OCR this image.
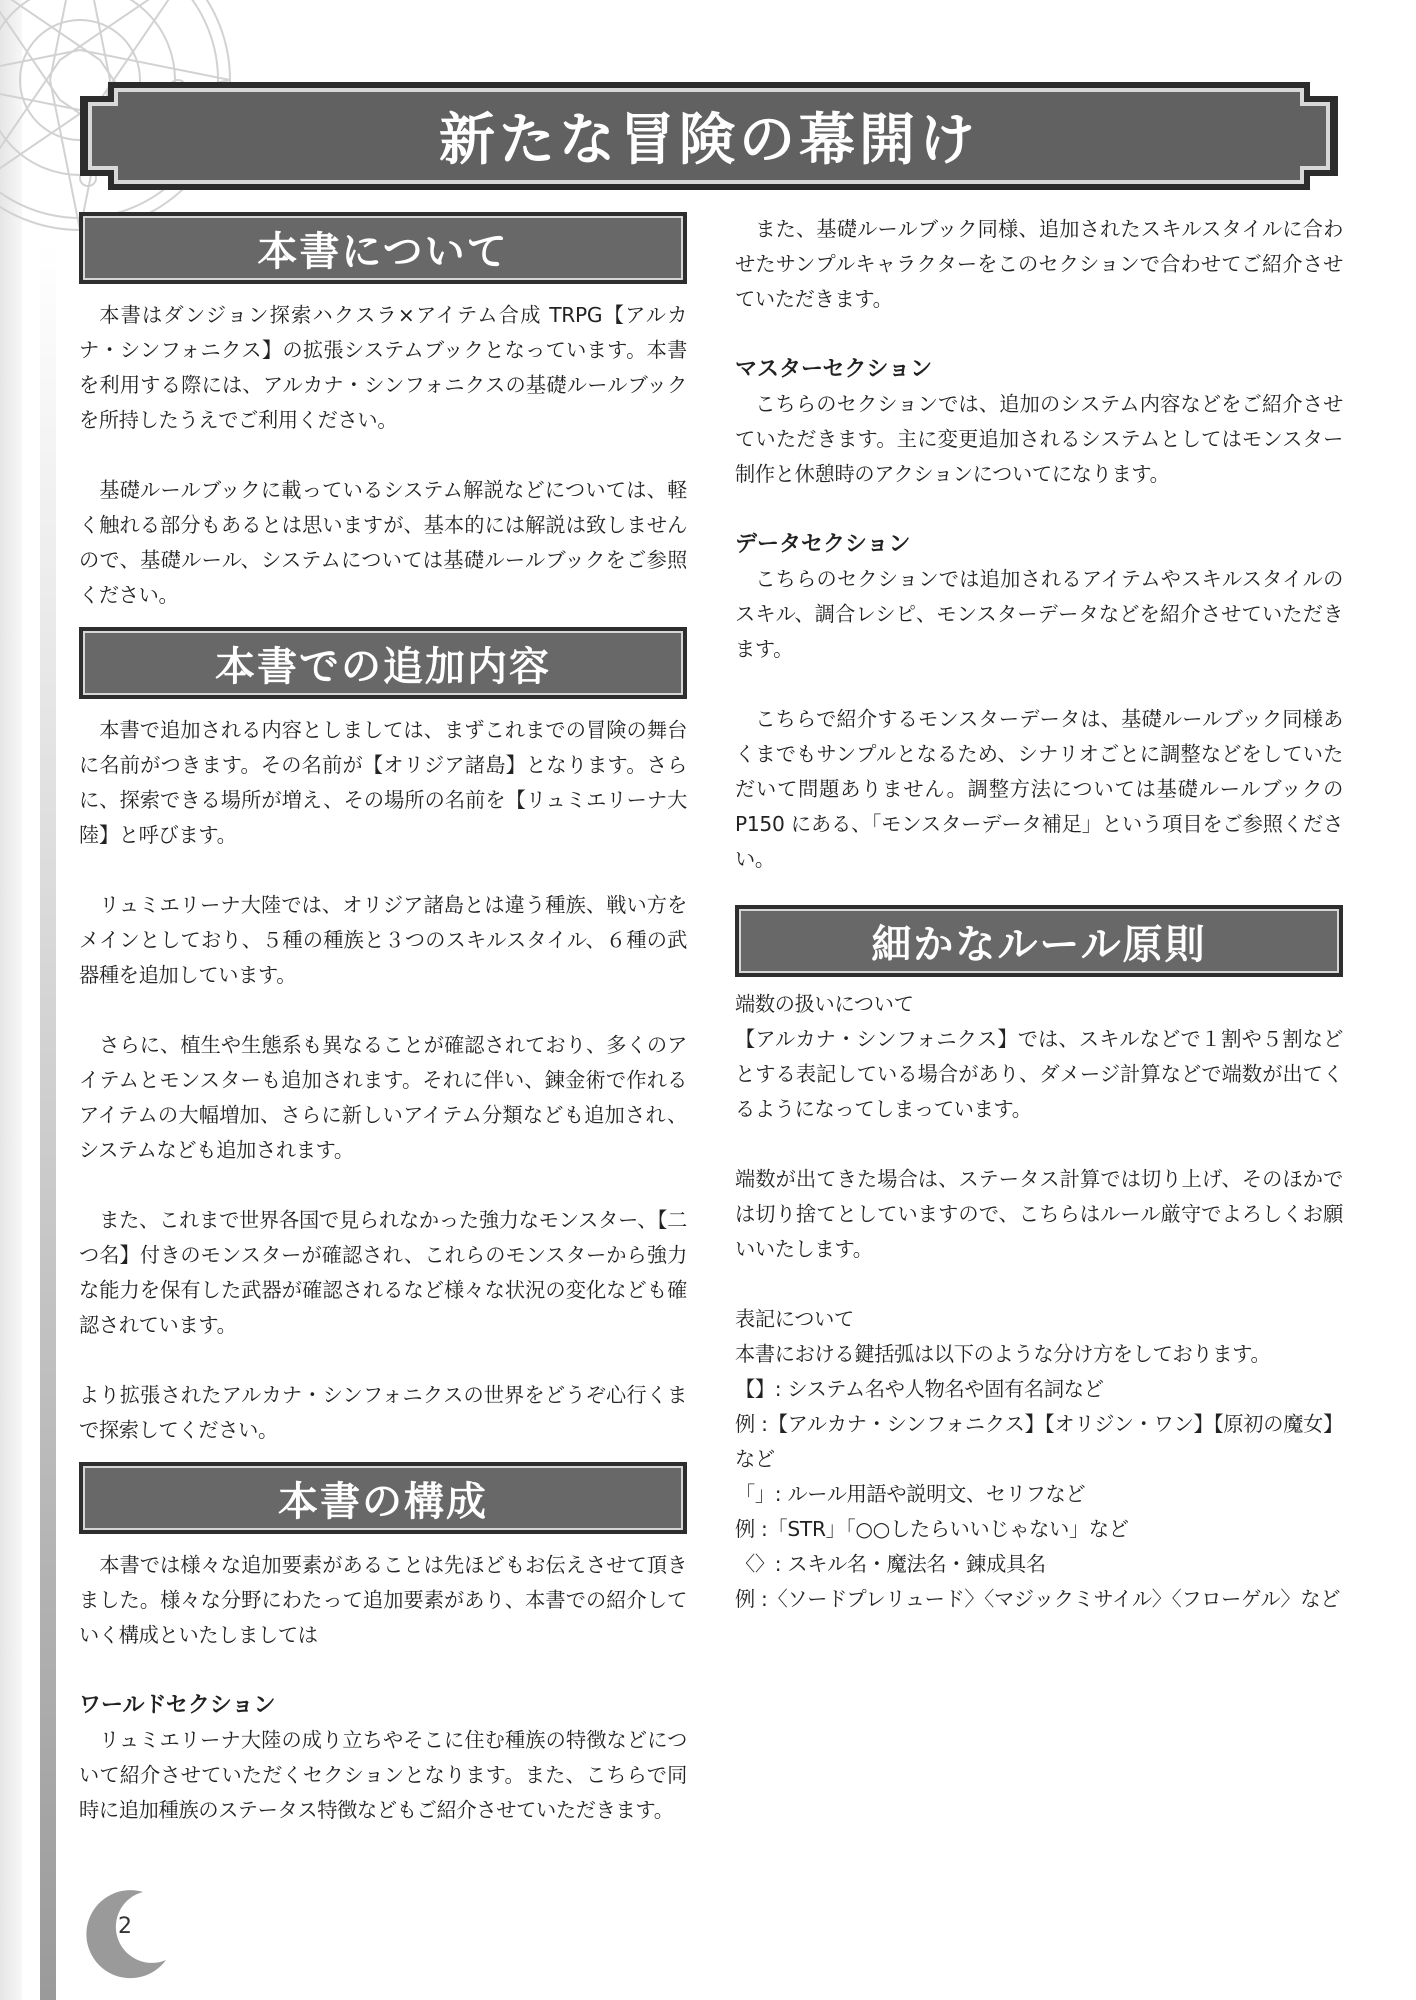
新たな冒険の幕開け
本書について

本書はダンジョン探索ハクスラ×アイテム合成 TRPG【アルカナ・シンフォニクス】の拡張システムブックとなっています。本書を利用する際には、アルカナ・シンフォニクスの基礎ルールブックを所持したうえでご利用ください。

基礎ルールブックに載っているシステム解説などについては、軽く触れる部分もあるとは思いますが、基本的には解説は致しませんので、基礎ルール、システムについては基礎ルールブックをご参照ください。

本書での追加内容

本書で追加される内容としましては、まずこれまでの冒険の舞台に名前がつきます。その名前が【オリジア諸島】となります。さらに、探索できる場所が増え、その場所の名前を【リュミエリーナ大陸】と呼びます。

リュミエリーナ大陸では、オリジア諸島とは違う種族、戦い方をメインとしており、５種の種族と３つのスキルスタイル、６種の武器種を追加しています。

さらに、植生や生態系も異なることが確認されており、多くのアイテムとモンスターも追加されます。それに伴い、錬金術で作れるアイテムの大幅増加、さらに新しいアイテム分類なども追加され、システムなども追加されます。

また、これまで世界各国で見られなかった強力なモンスター、【二つ名】付きのモンスターが確認され、これらのモンスターから強力な能力を保有した武器が確認されるなど様々な状況の変化なども確認されています。

より拡張されたアルカナ・シンフォニクスの世界をどうぞ心行くまで探索してください。

本書の構成

本書では様々な追加要素があることは先ほどもお伝えさせて頂きました。様々な分野にわたって追加要素があり、本書での紹介していく構成といたしましては

ワールドセクション

リュミエリーナ大陸の成り立ちやそこに住む種族の特徴などについて紹介させていただくセクションとなります。また、こちらで同時に追加種族のステータス特徴などもご紹介させていただきます。

また、基礎ルールブック同様、追加されたスキルスタイルに合わせたサンプルキャラクターをこのセクションで合わせてご紹介させていただきます。

マスターセクション

こちらのセクションでは、追加のシステム内容などをご紹介させていただきます。主に変更追加されるシステムとしてはモンスター制作と休憩時のアクションについてになります。

データセクション

こちらのセクションでは追加されるアイテムやスキルスタイルのスキル、調合レシピ、モンスターデータなどを紹介させていただきます。

こちらで紹介するモンスターデータは、基礎ルールブック同様あくまでもサンプルとなるため、シナリオごとに調整などをしていただいて問題ありません。調整方法については基礎ルールブックの P150 にある、「モンスターデータ補足」という項目をご参照ください。

細かなルール原則

端数の扱いについて

【アルカナ・シンフォニクス】では、スキルなどで１割や５割などとする表記している場合があり、ダメージ計算などで端数が出てくるようになってしまっています。

端数が出てきた場合は、ステータス計算では切り上げ、そのほかでは切り捨てとしていますので、こちらはルール厳守でよろしくお願いいたします。

表記について

本書における鍵括弧は以下のような分け方をしております。

【】: システム名や人物名や固有名詞など

例 :【アルカナ・シンフォニクス】【オリジン・ワン】【原初の魔女】など

「」: ルール用語や説明文、セリフなど

例 :「STR」「○○したらいいじゃない」など

〈〉: スキル名・魔法名・錬成具名

例 :〈ソードプレリュード〉〈マジックミサイル〉〈フローゲル〉など

2
